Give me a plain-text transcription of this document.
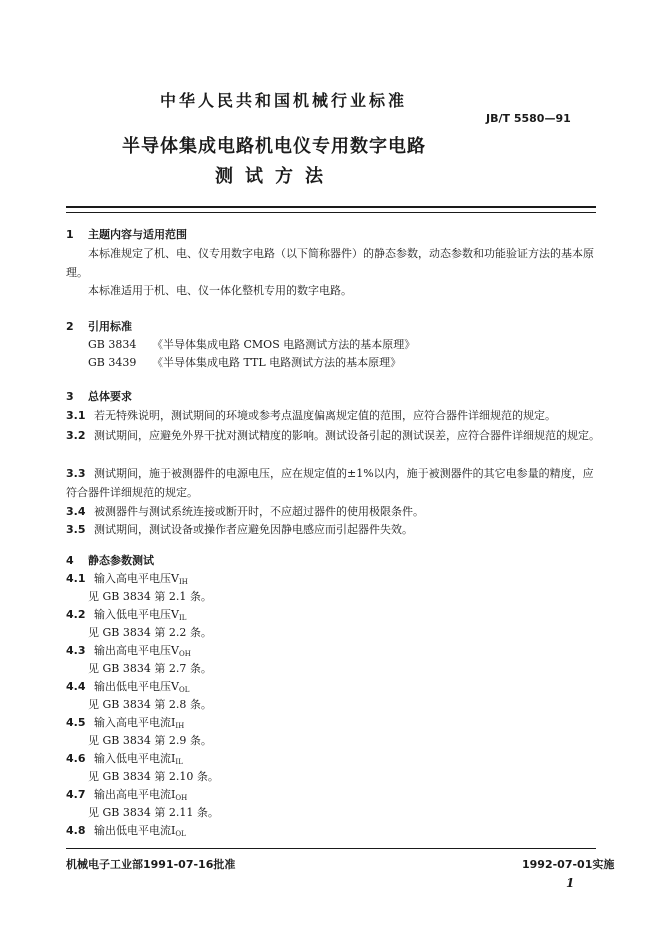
中华人民共和国机械行业标准
JB/T 5580—91
半导体集成电路机电仪专用数字电路
测试方法
1 主题内容与适用范围
本标准规定了机、电、仪专用数字电路（以下简称器件）的静态参数，动态参数和功能验证方法的基本原理。
本标准适用于机、电、仪一体化整机专用的数字电路。
2 引用标准
GB 3834 《半导体集成电路 CMOS 电路测试方法的基本原理》
GB 3439 《半导体集成电路 TTL 电路测试方法的基本原理》
3 总体要求
3.1 若无特殊说明，测试期间的环境或参考点温度偏离规定值的范围，应符合器件详细规范的规定。
3.2 测试期间，应避免外界干扰对测试精度的影响。测试设备引起的测试误差，应符合器件详细规范的规定。
3.3 测试期间，施于被测器件的电源电压，应在规定值的±1%以内，施于被测器件的其它电参量的精度，应符合器件详细规范的规定。
3.4 被测器件与测试系统连接或断开时，不应超过器件的使用极限条件。
3.5 测试期间，测试设备或操作者应避免因静电感应而引起器件失效。
4 静态参数测试
4.1 输入高电平电压$V_{IH}$
见 GB 3834 第 2.1 条。
4.2 输入低电平电压$V_{IL}$
见 GB 3834 第 2.2 条。
4.3 输出高电平电压$V_{OH}$
见 GB 3834 第 2.7 条。
4.4 输出低电平电压$V_{OL}$
见 GB 3834 第 2.8 条。
4.5 输入高电平电流$I_{IH}$
见 GB 3834 第 2.9 条。
4.6 输入低电平电流$I_{IL}$
见 GB 3834 第 2.10 条。
4.7 输出高电平电流$I_{OH}$
见 GB 3834 第 2.11 条。
4.8 输出低电平电流$I_{OL}$
机械电子工业部1991-07-16批准	1992-07-01实施
1
